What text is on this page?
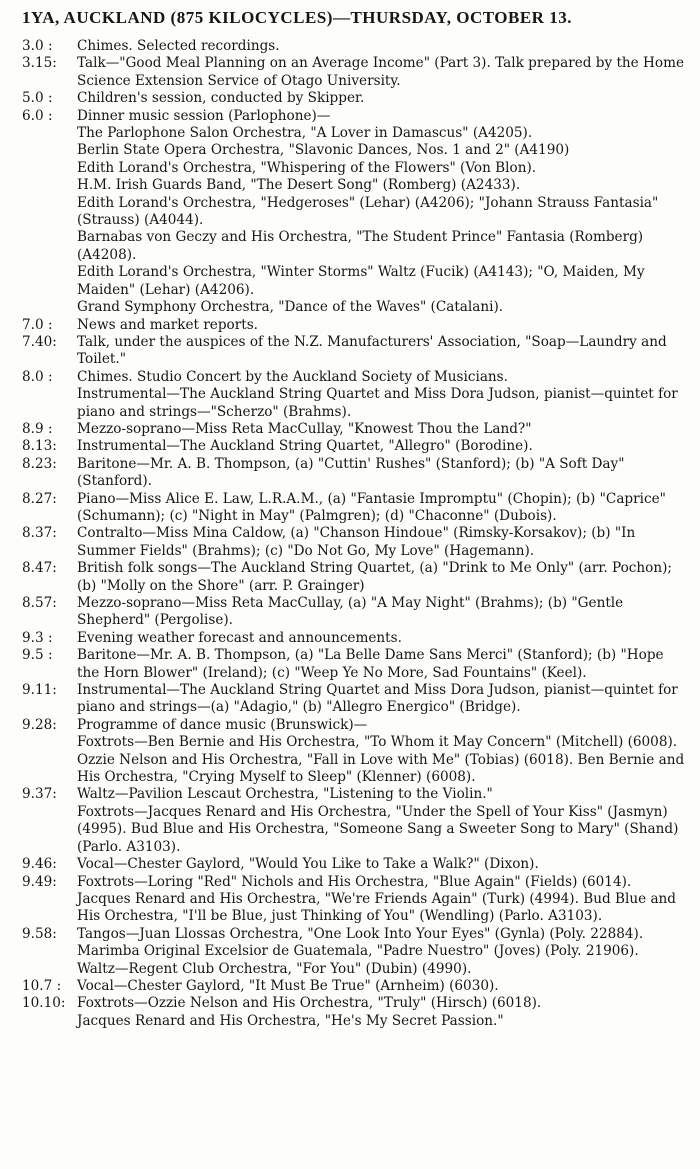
1YA, AUCKLAND (875 KILOCYCLES)—THURSDAY, OCTOBER 13.
3.0 :	Chimes. Selected recordings.
3.15:	Talk—"Good Meal Planning on an Average Income" (Part 3). Talk prepared by the Home Science Extension Service of Otago University.
5.0 :	Children's session, conducted by Skipper.
6.0 :	Dinner music session (Parlophone)—
The Parlophone Salon Orchestra, "A Lover in Damascus" (A4205).
Berlin State Opera Orchestra, "Slavonic Dances, Nos. 1 and 2" (A4190)
Edith Lorand's Orchestra, "Whispering of the Flowers" (Von Blon).
H.M. Irish Guards Band, "The Desert Song" (Romberg) (A2433).
Edith Lorand's Orchestra, "Hedgeroses" (Lehar) (A4206); "Johann Strauss Fantasia" (Strauss) (A4044).
Barnabas von Geczy and His Orchestra, "The Student Prince" Fantasia (Romberg) (A4208).
Edith Lorand's Orchestra, "Winter Storms" Waltz (Fucik) (A4143); "O, Maiden, My Maiden" (Lehar) (A4206).
Grand Symphony Orchestra, "Dance of the Waves" (Catalani).
7.0 :	News and market reports.
7.40:	Talk, under the auspices of the N.Z. Manufacturers' Association, "Soap—Laundry and Toilet."
8.0 :	Chimes. Studio Concert by the Auckland Society of Musicians.
Instrumental—The Auckland String Quartet and Miss Dora Judson, pianist—quintet for piano and strings—"Scherzo" (Brahms).
8.9 :	Mezzo-soprano—Miss Reta MacCullay, "Knowest Thou the Land?"
8.13:	Instrumental—The Auckland String Quartet, "Allegro" (Borodine).
8.23:	Baritone—Mr. A. B. Thompson, (a) "Cuttin' Rushes" (Stanford); (b) "A Soft Day" (Stanford).
8.27:	Piano—Miss Alice E. Law, L.R.A.M., (a) "Fantasie Impromptu" (Chopin); (b) "Caprice" (Schumann); (c) "Night in May" (Palmgren); (d) "Chaconne" (Dubois).
8.37:	Contralto—Miss Mina Caldow, (a) "Chanson Hindoue" (Rimsky-Korsakov); (b) "In Summer Fields" (Brahms); (c) "Do Not Go, My Love" (Hagemann).
8.47:	British folk songs—The Auckland String Quartet, (a) "Drink to Me Only" (arr. Pochon); (b) "Molly on the Shore" (arr. P. Grainger)
8.57:	Mezzo-soprano—Miss Reta MacCullay, (a) "A May Night" (Brahms); (b) "Gentle Shepherd" (Pergolise).
9.3 :	Evening weather forecast and announcements.
9.5 :	Baritone—Mr. A. B. Thompson, (a) "La Belle Dame Sans Merci" (Stanford); (b) "Hope the Horn Blower" (Ireland); (c) "Weep Ye No More, Sad Fountains" (Keel).
9.11:	Instrumental—The Auckland String Quartet and Miss Dora Judson, pianist—quintet for piano and strings—(a) "Adagio," (b) "Allegro Energico" (Bridge).
9.28:	Programme of dance music (Brunswick)—
Foxtrots—Ben Bernie and His Orchestra, "To Whom it May Concern" (Mitchell) (6008). Ozzie Nelson and His Orchestra, "Fall in Love with Me" (Tobias) (6018). Ben Bernie and His Orchestra, "Crying Myself to Sleep" (Klenner) (6008).
9.37:	Waltz—Pavilion Lescaut Orchestra, "Listening to the Violin."
Foxtrots—Jacques Renard and His Orchestra, "Under the Spell of Your Kiss" (Jasmyn) (4995). Bud Blue and His Orchestra, "Someone Sang a Sweeter Song to Mary" (Shand) (Parlo. A3103).
9.46:	Vocal—Chester Gaylord, "Would You Like to Take a Walk?" (Dixon).
9.49:	Foxtrots—Loring "Red" Nichols and His Orchestra, "Blue Again" (Fields) (6014). Jacques Renard and His Orchestra, "We're Friends Again" (Turk) (4994). Bud Blue and His Orchestra, "I'll be Blue, just Thinking of You" (Wendling) (Parlo. A3103).
9.58:	Tangos—Juan Llossas Orchestra, "One Look Into Your Eyes" (Gynla) (Poly. 22884). Marimba Original Excelsior de Guatemala, "Padre Nuestro" (Joves) (Poly. 21906).
Waltz—Regent Club Orchestra, "For You" (Dubin) (4990).
10.7 :	Vocal—Chester Gaylord, "It Must Be True" (Arnheim) (6030).
10.10: Foxtrots—Ozzie Nelson and His Orchestra, "Truly" (Hirsch) (6018).
Jacques Renard and His Orchestra, "He's My Secret Passion."
